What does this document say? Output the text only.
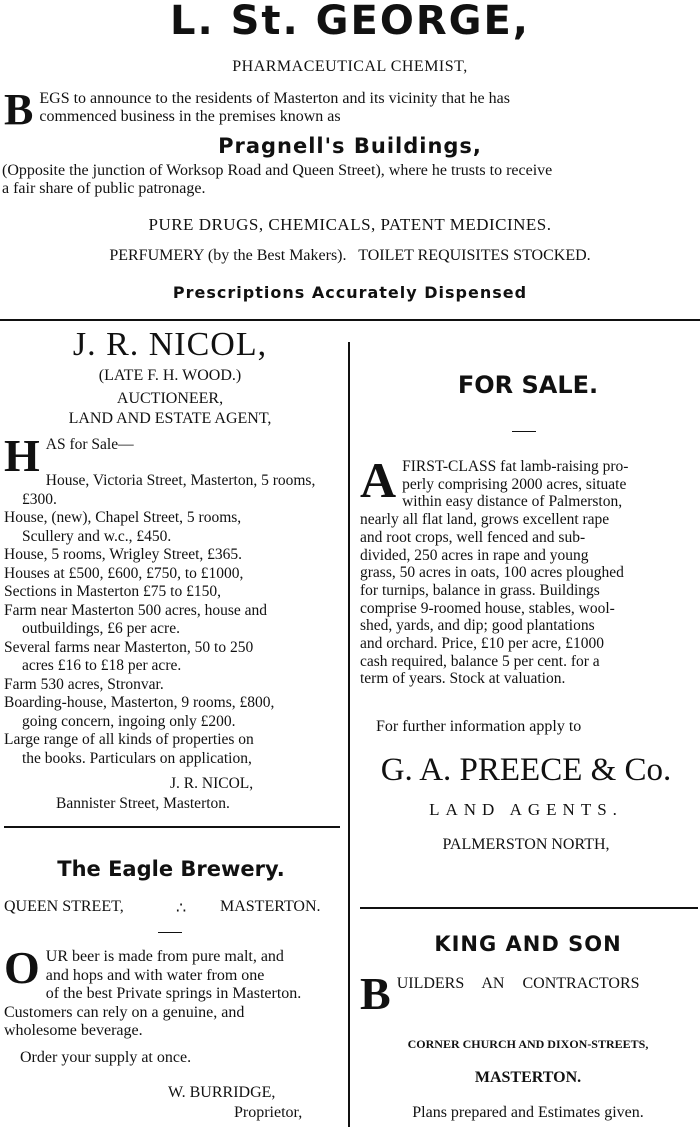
L. St. GEORGE,
PHARMACEUTICAL CHEMIST,
B EGS to announce to the residents of Masterton and its vicinity that he has
commenced business in the premises known as
Pragnell's Buildings,
(Opposite the junction of Worksop Road and Queen Street), where he trusts to receive
a fair share of public patronage.
PURE DRUGS, CHEMICALS, PATENT MEDICINES.
PERFUMERY (by the Best Makers).   TOILET REQUISITES STOCKED.
Prescriptions Accurately Dispensed
J. R. NICOL,
(LATE F. H. WOOD.)
AUCTIONEER,
LAND AND ESTATE AGENT,
H AS for Sale—
House, Victoria Street, Masterton, 5 rooms,
£300.
House, (new), Chapel Street, 5 rooms,
Scullery and w.c., £450.
House, 5 rooms, Wrigley Street, £365.
Houses at £500, £600, £750, to £1000,
Sections in Masterton £75 to £150,
Farm near Masterton 500 acres, house and
outbuildings, £6 per acre.
Several farms near Masterton, 50 to 250
acres £16 to £18 per acre.
Farm 530 acres, Stronvar.
Boarding-house, Masterton, 9 rooms, £800,
going concern, ingoing only £200.
Large range of all kinds of properties on
the books. Particulars on application,
J. R. NICOL,
Bannister Street, Masterton.
The Eagle Brewery.
QUEEN STREET,	∴ MASTERTON.
O UR beer is made from pure malt, and
and hops and with water from one
of the best Private springs in Masterton.
Customers can rely on a genuine, and
wholesome beverage.
Order your supply at once.
W. BURRIDGE,
Proprietor,
FOR SALE.
A FIRST-CLASS fat lamb-raising pro-
perly comprising 2000 acres, situate
within easy distance of Palmerston,
nearly all flat land, grows excellent rape
and root crops, well fenced and sub-
divided, 250 acres in rape and young
grass, 50 acres in oats, 100 acres ploughed
for turnips, balance in grass. Buildings
comprise 9-roomed house, stables, wool-
shed, yards, and dip; good plantations
and orchard. Price, £10 per acre, £1000
cash required, balance 5 per cent. for a
term of years. Stock at valuation.
For further information apply to
G. A. PREECE & Co.
LAND AGENTS.
PALMERSTON NORTH,
KING AND SON
B UILDERS AN CONTRACTORS
CORNER CHURCH AND DIXON-STREETS,
MASTERTON.
Plans prepared and Estimates given.
